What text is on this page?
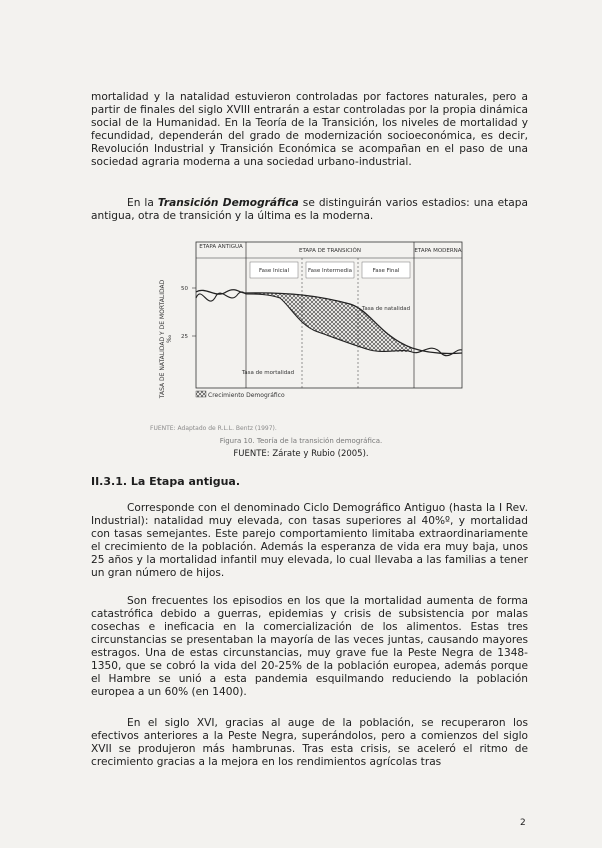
mortalidad y la natalidad estuvieron controladas por factores naturales, pero a partir de finales del siglo XVIII entrarán a estar controladas por la propia dinámica social de la Humanidad. En la Teoría de la Transición, los niveles de mortalidad y fecundidad, dependerán del grado de modernización socioeconómica, es decir, Revolución Industrial y Transición Económica se acompañan en el paso de una sociedad agraria moderna a una sociedad urbano-industrial.

En la Transición Demográfica se distinguirán varios estadios: una etapa antigua, otra de transición y la última es la moderna.

ETAPA ANTIGUA
ETAPA DE TRANSICIÓN	ETAPA MODERNA
Fase Inicial	Fase Intermedia	Fase Final
50
25
Tasa de natalidad
Tasa de mortalidad
TASA DE NATALIDAD Y DE MORTALIDAD ‰
Crecimiento Demográfico
FUENTE: Adaptado de R.L.L. Bentz (1997).
Figura 10. Teoría de la transición demográfica.
FUENTE: Zárate y Rubio (2005).

II.3.1. La Etapa antigua.

Corresponde con el denominado Ciclo Demográfico Antiguo (hasta la I Rev. Industrial): natalidad muy elevada, con tasas superiores al 40%º, y mortalidad con tasas semejantes. Este parejo comportamiento limitaba extraordinariamente el crecimiento de la población. Además la esperanza de vida era muy baja, unos 25 años y la mortalidad infantil muy elevada, lo cual llevaba a las familias a tener un gran número de hijos.

Son frecuentes los episodios en los que la mortalidad aumenta de forma catastrófica debido a guerras, epidemias y crisis de subsistencia por malas cosechas e ineficacia en la comercialización de los alimentos. Estas tres circunstancias se presentaban la mayoría de las veces juntas, causando mayores estragos. Una de estas circunstancias, muy grave fue la Peste Negra de 1348-1350, que se cobró la vida del 20-25% de la población europea, además porque el Hambre se unió a esta pandemia esquilmando reduciendo la población europea a un 60% (en 1400).

En el siglo XVI, gracias al auge de la población, se recuperaron los efectivos anteriores a la Peste Negra, superándolos, pero a comienzos del siglo XVII se produjeron más hambrunas. Tras esta crisis, se aceleró el ritmo de crecimiento gracias a la mejora en los rendimientos agrícolas tras

2
